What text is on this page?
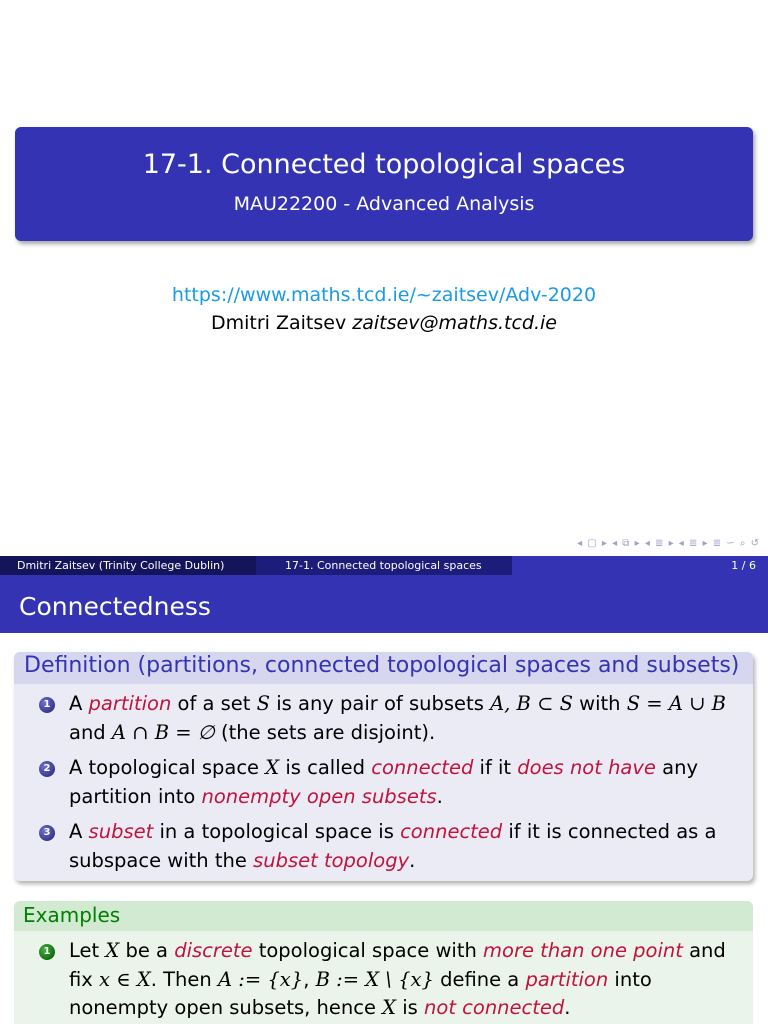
17-1. Connected topological spaces
MAU22200 - Advanced Analysis
https://www.maths.tcd.ie/~zaitsev/Adv-2020
Dmitri Zaitsev zaitsev@maths.tcd.ie
◂ ▢ ▸ ◂ ⧉ ▸ ◂ ≣ ▸ ◂ ≣ ▸ ≣ ∽ ⌕ ↺
Dmitri Zaitsev (Trinity College Dublin)	17-1. Connected topological spaces	1 / 6
Connectedness
Definition (partitions, connected topological spaces and subsets)
1 A partition of a set S is any pair of subsets A, B ⊂ S with S = A ∪ B and A ∩ B = ∅ (the sets are disjoint).
2 A topological space X is called connected if it does not have any partition into nonempty open subsets.
3 A subset in a topological space is connected if it is connected as a subspace with the subset topology.
Examples
1 Let X be a discrete topological space with more than one point and fix x ∈ X. Then A := {x}, B := X \ {x} define a partition into nonempty open subsets, hence X is not connected.
